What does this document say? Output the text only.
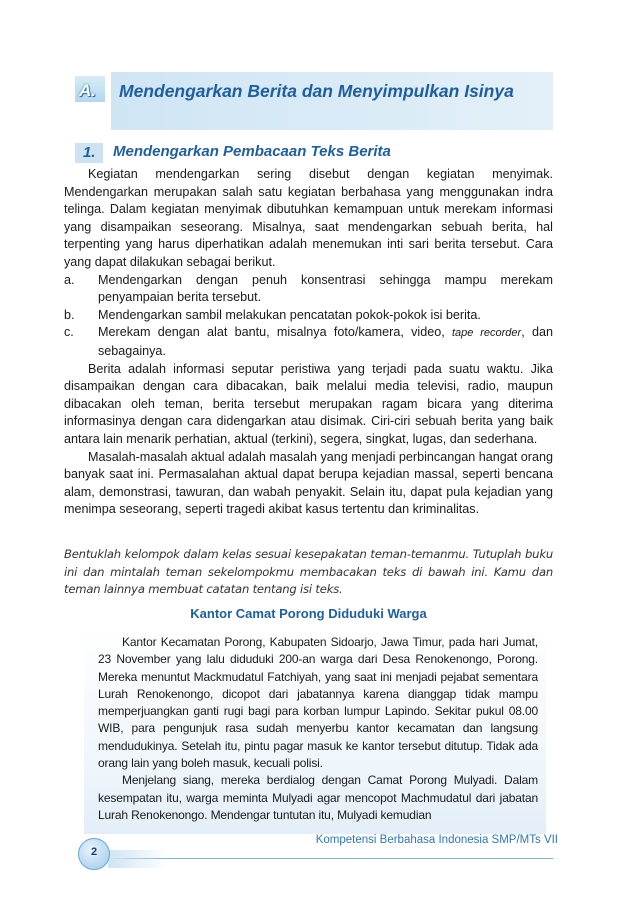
A. Mendengarkan Berita dan Menyimpulkan Isinya
1. Mendengarkan Pembacaan Teks Berita

Kegiatan mendengarkan sering disebut dengan kegiatan menyimak. Mendengarkan merupakan salah satu kegiatan berbahasa yang menggunakan indra telinga. Dalam kegiatan menyimak dibutuhkan kemampuan untuk merekam informasi yang disampaikan seseorang. Misalnya, saat mendengarkan sebuah berita, hal terpenting yang harus diperhatikan adalah menemukan inti sari berita tersebut. Cara yang dapat dilakukan sebagai berikut.

a. Mendengarkan dengan penuh konsentrasi sehingga mampu merekam penyampaian berita tersebut.
b. Mendengarkan sambil melakukan pencatatan pokok-pokok isi berita.
c. Merekam dengan alat bantu, misalnya foto/kamera, video, tape recorder, dan sebagainya.

Berita adalah informasi seputar peristiwa yang terjadi pada suatu waktu. Jika disampaikan dengan cara dibacakan, baik melalui media televisi, radio, maupun dibacakan oleh teman, berita tersebut merupakan ragam bicara yang diterima informasinya dengan cara didengarkan atau disimak. Ciri-ciri sebuah berita yang baik antara lain menarik perhatian, aktual (terkini), segera, singkat, lugas, dan sederhana.

Masalah-masalah aktual adalah masalah yang menjadi perbincangan hangat orang banyak saat ini. Permasalahan aktual dapat berupa kejadian massal, seperti bencana alam, demonstrasi, tawuran, dan wabah penyakit. Selain itu, dapat pula kejadian yang menimpa seseorang, seperti tragedi akibat kasus tertentu dan kriminalitas.

Bentuklah kelompok dalam kelas sesuai kesepakatan teman-temanmu. Tutuplah buku ini dan mintalah teman sekelompokmu membacakan teks di bawah ini. Kamu dan teman lainnya membuat catatan tentang isi teks.
Kantor Camat Porong Diduduki Warga

Kantor Kecamatan Porong, Kabupaten Sidoarjo, Jawa Timur, pada hari Jumat, 23 November yang lalu diduduki 200-an warga dari Desa Renokenongo, Porong. Mereka menuntut Mackmudatul Fatchiyah, yang saat ini menjadi pejabat sementara Lurah Renokenongo, dicopot dari jabatannya karena dianggap tidak mampu memperjuangkan ganti rugi bagi para korban lumpur Lapindo. Sekitar pukul 08.00 WIB, para pengunjuk rasa sudah menyerbu kantor kecamatan dan langsung mendudukinya. Setelah itu, pintu pagar masuk ke kantor tersebut ditutup. Tidak ada orang lain yang boleh masuk, kecuali polisi.

Menjelang siang, mereka berdialog dengan Camat Porong Mulyadi. Dalam kesempatan itu, warga meminta Mulyadi agar mencopot Machmudatul dari jabatan Lurah Renokenongo. Mendengar tuntutan itu, Mulyadi kemudian

Kompetensi Berbahasa Indonesia SMP/MTs VII
2
